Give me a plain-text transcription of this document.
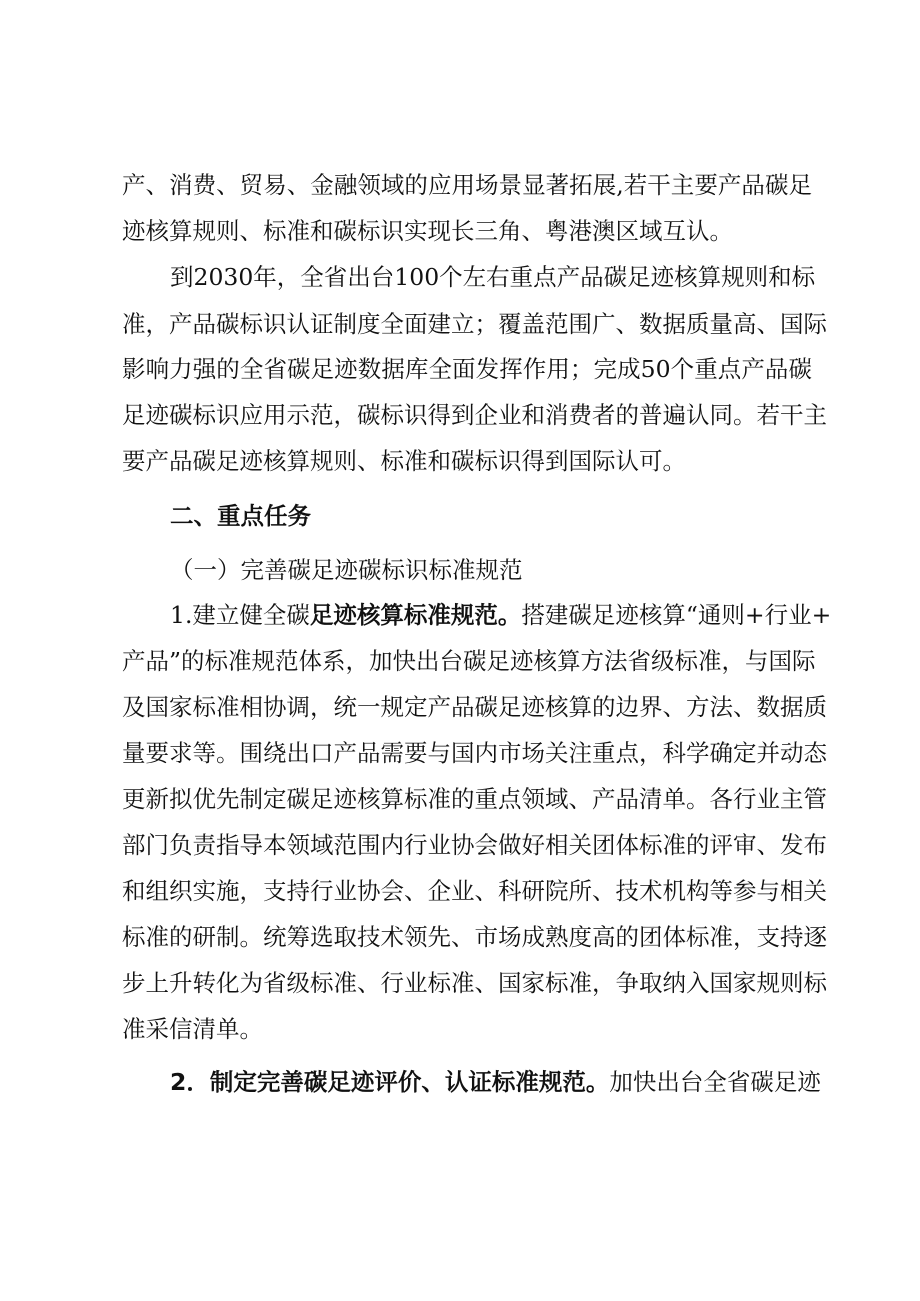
产、消费、贸易、金融领域的应用场景显著拓展,若干主要产品碳足
迹核算规则、标准和碳标识实现长三角、粤港澳区域互认。
到2030年，全省出台100个左右重点产品碳足迹核算规则和标
准，产品碳标识认证制度全面建立；覆盖范围广、数据质量高、国际
影响力强的全省碳足迹数据库全面发挥作用；完成50个重点产品碳
足迹碳标识应用示范，碳标识得到企业和消费者的普遍认同。若干主
要产品碳足迹核算规则、标准和碳标识得到国际认可。
二、重点任务
（一）完善碳足迹碳标识标准规范
1.建立健全碳足迹核算标准规范。搭建碳足迹核算“通则+行业+
产品”的标准规范体系，加快出台碳足迹核算方法省级标准，与国际
及国家标准相协调，统一规定产品碳足迹核算的边界、方法、数据质
量要求等。围绕出口产品需要与国内市场关注重点，科学确定并动态
更新拟优先制定碳足迹核算标准的重点领域、产品清单。各行业主管
部门负责指导本领域范围内行业协会做好相关团体标准的评审、发布
和组织实施，支持行业协会、企业、科研院所、技术机构等参与相关
标准的研制。统筹选取技术领先、市场成熟度高的团体标准，支持逐
步上升转化为省级标准、行业标准、国家标准，争取纳入国家规则标
准采信清单。
2．制定完善碳足迹评价、认证标准规范。加快出台全省碳足迹
